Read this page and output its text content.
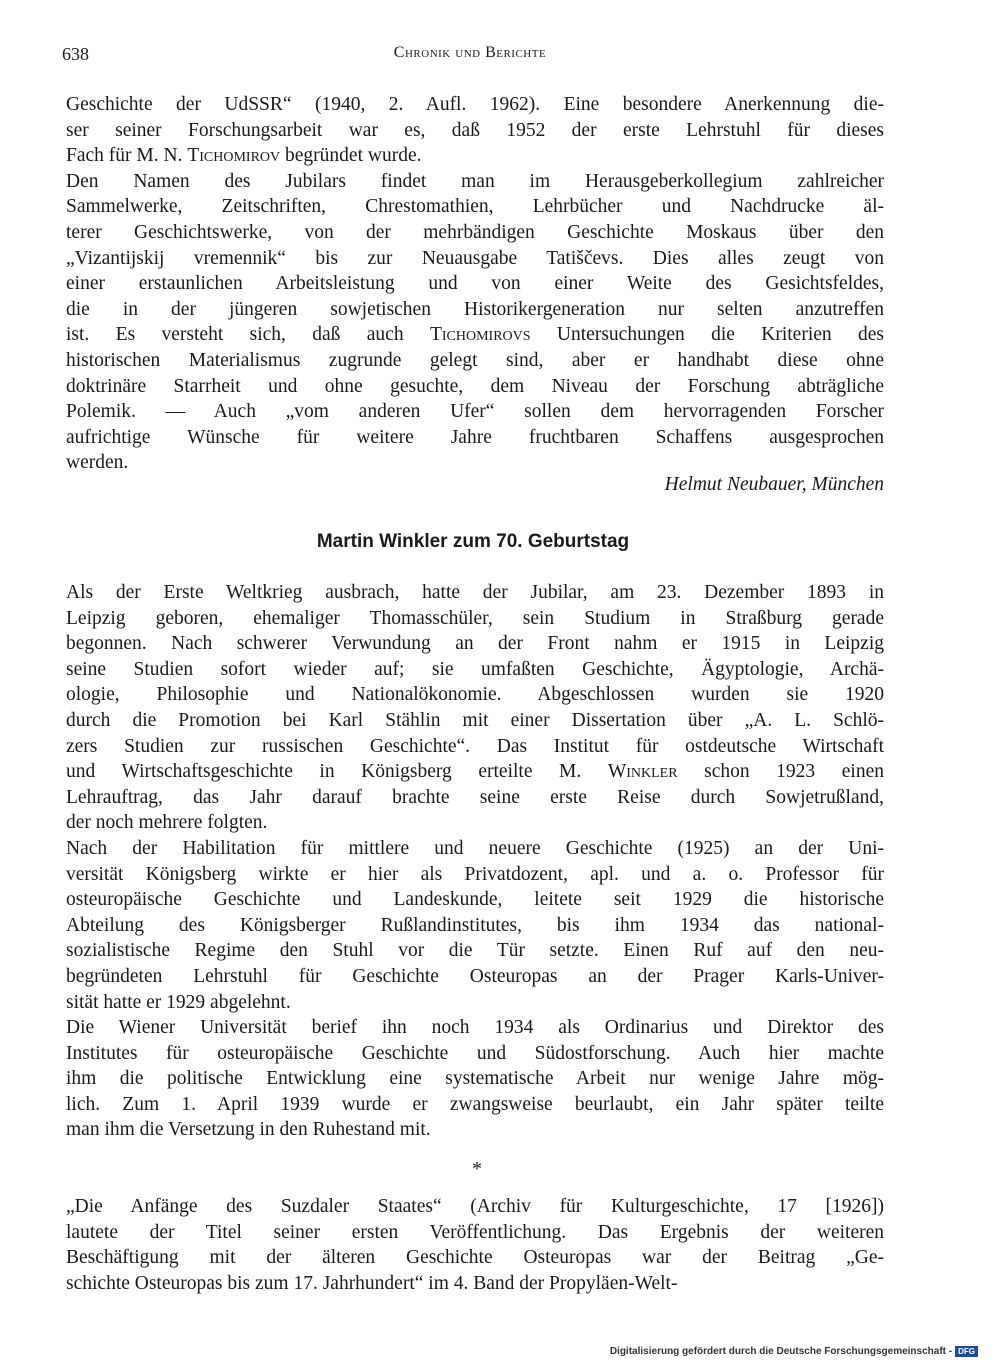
638	Chronik und Berichte

Geschichte der UdSSR“ (1940, 2. Aufl. 1962). Eine besondere Anerkennung die-
ser seiner Forschungsarbeit war es, daß 1952 der erste Lehrstuhl für dieses
Fach für M. N. Tichomirov begründet wurde.

Den Namen des Jubilars findet man im Herausgeberkollegium zahlreicher
Sammelwerke, Zeitschriften, Chrestomathien, Lehrbücher und Nachdrucke äl-
terer Geschichtswerke, von der mehrbändigen Geschichte Moskaus über den
„Vizantijskij vremennik“ bis zur Neuausgabe Tatiščevs. Dies alles zeugt von
einer erstaunlichen Arbeitsleistung und von einer Weite des Gesichtsfeldes,
die in der jüngeren sowjetischen Historikergeneration nur selten anzutreffen
ist. Es versteht sich, daß auch Tichomirovs Untersuchungen die Kriterien des
historischen Materialismus zugrunde gelegt sind, aber er handhabt diese ohne
doktrinäre Starrheit und ohne gesuchte, dem Niveau der Forschung abträgliche
Polemik. — Auch „vom anderen Ufer“ sollen dem hervorragenden Forscher
aufrichtige Wünsche für weitere Jahre fruchtbaren Schaffens ausgesprochen
werden.

Helmut Neubauer, München
Martin Winkler zum 70. Geburtstag

Als der Erste Weltkrieg ausbrach, hatte der Jubilar, am 23. Dezember 1893 in
Leipzig geboren, ehemaliger Thomasschüler, sein Studium in Straßburg gerade
begonnen. Nach schwerer Verwundung an der Front nahm er 1915 in Leipzig
seine Studien sofort wieder auf; sie umfaßten Geschichte, Ägyptologie, Archä-
ologie, Philosophie und Nationalökonomie. Abgeschlossen wurden sie 1920
durch die Promotion bei Karl Stählin mit einer Dissertation über „A. L. Schlö-
zers Studien zur russischen Geschichte“. Das Institut für ostdeutsche Wirtschaft
und Wirtschaftsgeschichte in Königsberg erteilte M. Winkler schon 1923 einen
Lehrauftrag, das Jahr darauf brachte seine erste Reise durch Sowjetrußland,
der noch mehrere folgten.

Nach der Habilitation für mittlere und neuere Geschichte (1925) an der Uni-
versität Königsberg wirkte er hier als Privatdozent, apl. und a. o. Professor für
osteuropäische Geschichte und Landeskunde, leitete seit 1929 die historische
Abteilung des Königsberger Rußlandinstitutes, bis ihm 1934 das national-
sozialistische Regime den Stuhl vor die Tür setzte. Einen Ruf auf den neu-
begründeten Lehrstuhl für Geschichte Osteuropas an der Prager Karls-Univer-
sität hatte er 1929 abgelehnt.

Die Wiener Universität berief ihn noch 1934 als Ordinarius und Direktor des
Institutes für osteuropäische Geschichte und Südostforschung. Auch hier machte
ihm die politische Entwicklung eine systematische Arbeit nur wenige Jahre mög-
lich. Zum 1. April 1939 wurde er zwangsweise beurlaubt, ein Jahr später teilte
man ihm die Versetzung in den Ruhestand mit.

*

„Die Anfänge des Suzdaler Staates“ (Archiv für Kulturgeschichte, 17 [1926])
lautete der Titel seiner ersten Veröffentlichung. Das Ergebnis der weiteren
Beschäftigung mit der älteren Geschichte Osteuropas war der Beitrag „Ge-
schichte Osteuropas bis zum 17. Jahrhundert“ im 4. Band der Propyläen-Welt-

Digitalisierung gefördert durch die Deutsche Forschungsgemeinschaft - DFG
